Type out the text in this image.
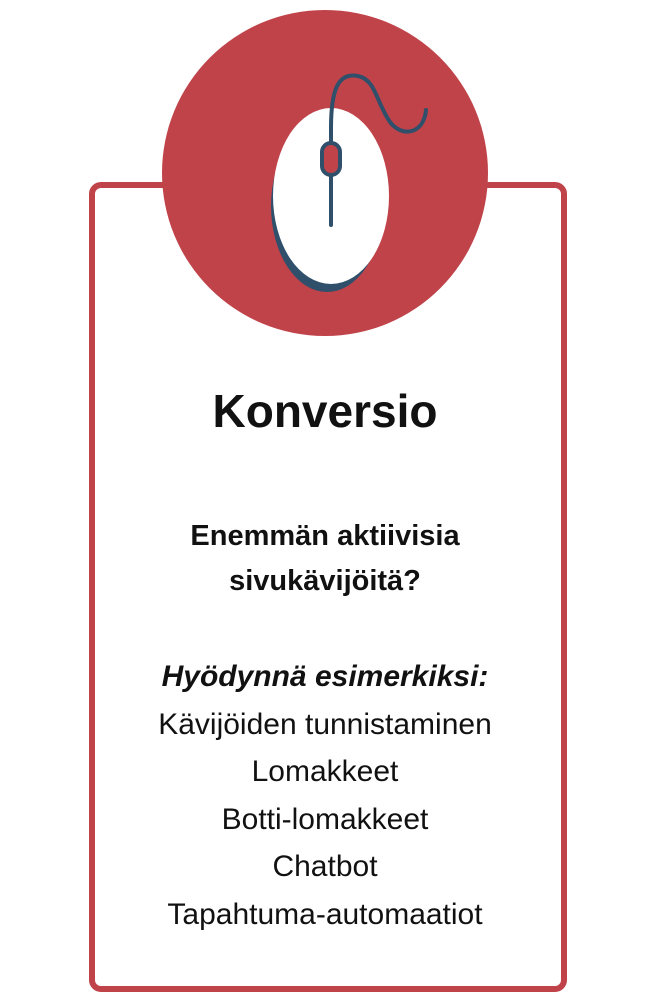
Konversio
Enemmän aktiivisia
sivukävijöitä?
Hyödynnä esimerkiksi:
Kävijöiden tunnistaminen
Lomakkeet
Botti-lomakkeet
Chatbot
Tapahtuma-automaatiot
